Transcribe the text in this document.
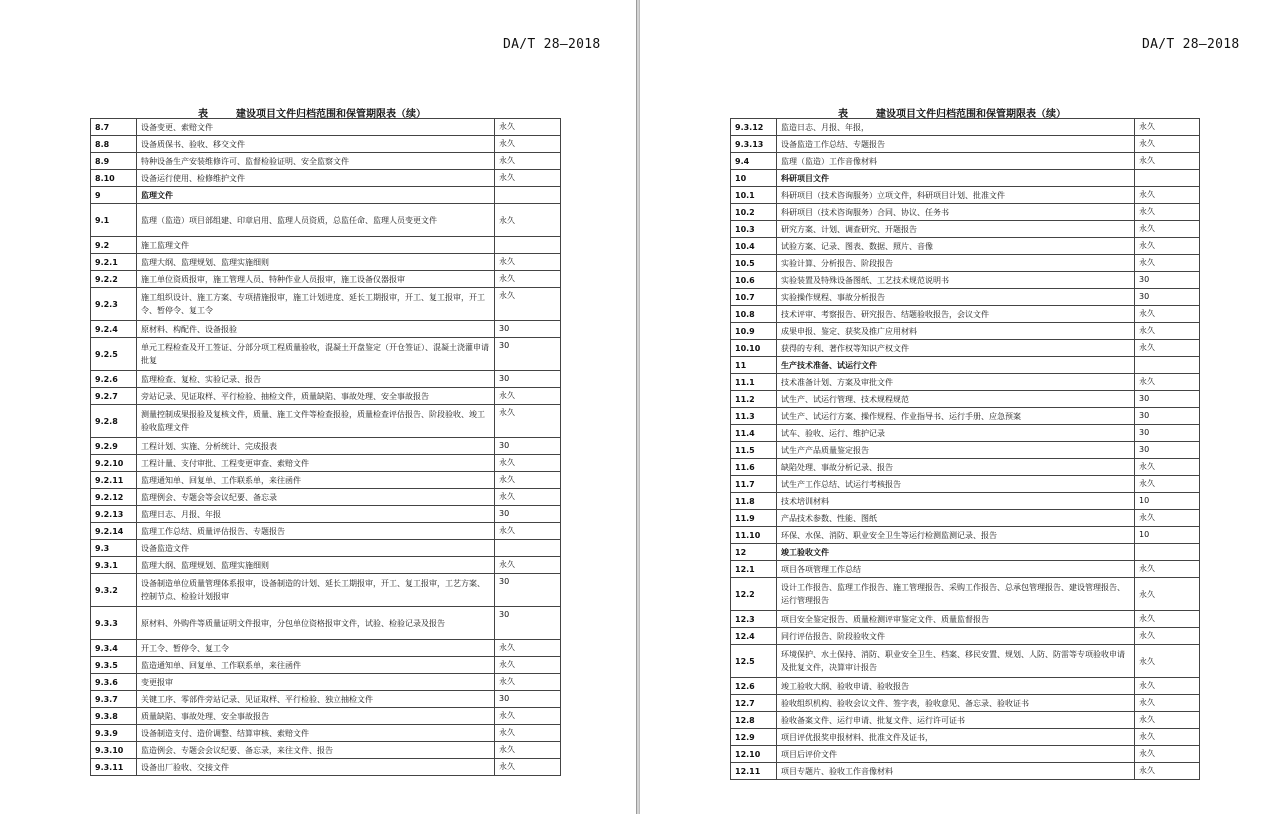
DA/T 28—2018
表	建设项目文件归档范围和保管期限表（续）
8.7	设备变更、索赔文件	永久
8.8	设备质保书、验收、移交文件	永久
8.9	特种设备生产安装维修许可、监督检验证明、安全监察文件	永久
8.10	设备运行使用、检修维护文件	永久
9	监理文件	
9.1	监理（监造）项目部组建、印章启用、监理人员资质，总监任命、监理人员变更文件	永久
9.2	施工监理文件	
9.2.1	监理大纲、监理规划、监理实施细则	永久
9.2.2	施工单位资质报审，施工管理人员、特种作业人员报审，施工设备仪器报审	永久
9.2.3	施工组织设计、施工方案、专项措施报审，施工计划进度、延长工期报审，开工、复工报审，开工令、暂停令、复工令	永久
9.2.4	原材料、构配件、设备报验	30
9.2.5	单元工程检查及开工签证、分部分项工程质量验收，混凝土开盘鉴定（开仓签证）、混凝土浇灌申请批复	30
9.2.6	监理检查、复检、实验记录、报告	30
9.2.7	旁站记录、见证取样、平行检验、抽检文件，质量缺陷、事故处理、安全事故报告	永久
9.2.8	测量控制成果报验及复核文件，质量、施工文件等检查报验，质量检查评估报告、阶段验收、竣工验收监理文件	永久
9.2.9	工程计划、实施、分析统计、完成报表	30
9.2.10	工程计量、支付审批、工程变更审查、索赔文件	永久
9.2.11	监理通知单、回复单、工作联系单，来往函件	永久
9.2.12	监理例会、专题会等会议纪要、备忘录	永久
9.2.13	监理日志、月报、年报	30
9.2.14	监理工作总结、质量评估报告、专题报告	永久
9.3	设备监造文件	
9.3.1	监理大纲、监理规划、监理实施细则	永久
9.3.2	设备制造单位质量管理体系报审，设备制造的计划、延长工期报审，开工、复工报审，工艺方案、控制节点、检验计划报审	30
9.3.3	原材料、外购件等质量证明文件报审，分包单位资格报审文件，试验、检验记录及报告	30
9.3.4	开工令、暂停令、复工令	永久
9.3.5	监造通知单、回复单、工作联系单，来往函件	永久
9.3.6	变更报审	永久
9.3.7	关键工序、零部件旁站记录、见证取样、平行检验、独立抽检文件	30
9.3.8	质量缺陷、事故处理、安全事故报告	永久
9.3.9	设备制造支付、造价调整、结算审核、索赔文件	永久
9.3.10	监造例会、专题会会议纪要、备忘录，来往文件、报告	永久
9.3.11	设备出厂验收、交接文件	永久
DA/T 28—2018
表	建设项目文件归档范围和保管期限表（续）
9.3.12	监造日志、月报、年报，	永久
9.3.13	设备监造工作总结、专题报告	永久
9.4	监理（监造）工作音像材料	永久
10	科研项目文件	
10.1	科研项目（技术咨询服务）立项文件，科研项目计划、批准文件	永久
10.2	科研项目（技术咨询服务）合同、协议、任务书	永久
10.3	研究方案、计划、调查研究、开题报告	永久
10.4	试验方案、记录、图表、数据、照片、音像	永久
10.5	实验计算、分析报告、阶段报告	永久
10.6	实验装置及特殊设备图纸、工艺技术规范说明书	30
10.7	实验操作规程、事故分析报告	30
10.8	技术评审、考察报告、研究报告、结题验收报告，会议文件	永久
10.9	成果申报、鉴定、获奖及推广应用材料	永久
10.10	获得的专利、著作权等知识产权文件	永久
11	生产技术准备、试运行文件	
11.1	技术准备计划、方案及审批文件	永久
11.2	试生产、试运行管理、技术规程规范	30
11.3	试生产、试运行方案、操作规程、作业指导书、运行手册、应急预案	30
11.4	试车、验收、运行、维护记录	30
11.5	试生产产品质量鉴定报告	30
11.6	缺陷处理、事故分析记录、报告	永久
11.7	试生产工作总结、试运行考核报告	永久
11.8	技术培训材料	10
11.9	产品技术参数、性能、图纸	永久
11.10	环保、水保、消防、职业安全卫生等运行检测监测记录、报告	10
12	竣工验收文件	
12.1	项目各项管理工作总结	永久
12.2	设计工作报告、监理工作报告、施工管理报告、采购工作报告、总承包管理报告、建设管理报告、运行管理报告	永久
12.3	项目安全鉴定报告、质量检测评审鉴定文件、质量监督报告	永久
12.4	同行评估报告、阶段验收文件	永久
12.5	环境保护、水土保持、消防、职业安全卫生、档案、移民安置、规划、人防、防雷等专项验收申请及批复文件，决算审计报告	永久
12.6	竣工验收大纲、验收申请、验收报告	永久
12.7	验收组织机构、验收会议文件、签字表，验收意见、备忘录、验收证书	永久
12.8	验收备案文件、运行申请、批复文件、运行许可证书	永久
12.9	项目评优报奖申报材料、批准文件及证书，	永久
12.10	项目后评价文件	永久
12.11	项目专题片、验收工作音像材料	永久
